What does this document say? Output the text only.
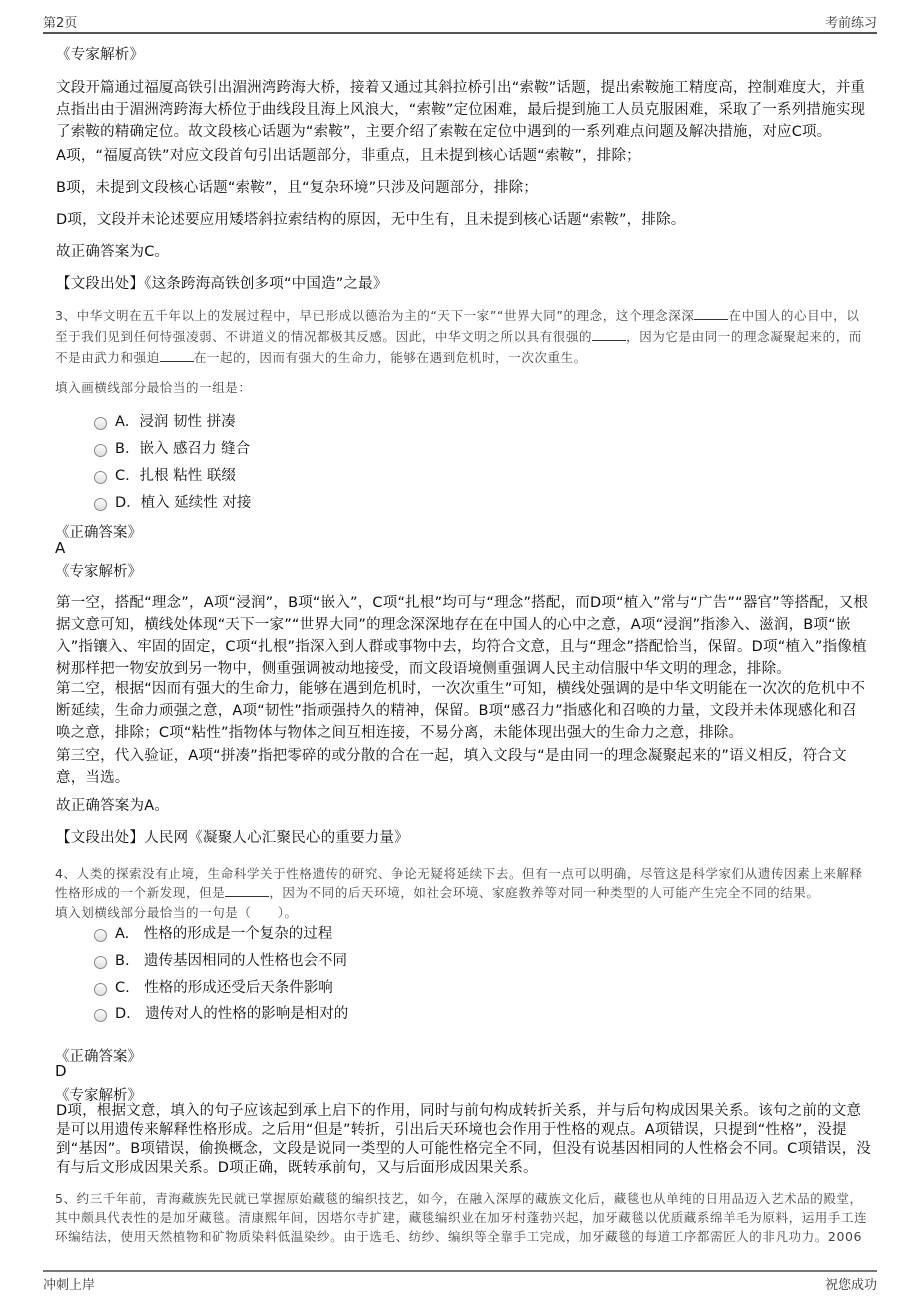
第2页	考前练习
《专家解析》
文段开篇通过福厦高铁引出湄洲湾跨海大桥，接着又通过其斜拉桥引出“索鞍”话题，提出索鞍施工精度高，控制难度大，并重点指出由于湄洲湾跨海大桥位于曲线段且海上风浪大，“索鞍”定位困难，最后提到施工人员克服困难，采取了一系列措施实现了索鞍的精确定位。故文段核心话题为“索鞍”，主要介绍了索鞍在定位中遇到的一系列难点问题及解决措施，对应C项。
A项，“福厦高铁”对应文段首句引出话题部分，非重点，且未提到核心话题“索鞍”，排除；
B项，未提到文段核心话题“索鞍”，且“复杂环境”只涉及问题部分，排除；
D项，文段并未论述要应用矮塔斜拉索结构的原因，无中生有，且未提到核心话题“索鞍”，排除。
故正确答案为C。
【文段出处】《这条跨海高铁创多项“中国造”之最》
3、中华文明在五千年以上的发展过程中，早已形成以德治为主的“天下一家”“世界大同”的理念，这个理念深深	在中国人的心目中，以至于我们见到任何恃强凌弱、不讲道义的情况都极其反感。因此，中华文明之所以具有很强的	，因为它是由同一的理念凝聚起来的，而不是由武力和强迫	在一起的，因而有强大的生命力，能够在遇到危机时，一次次重生。
填入画横线部分最恰当的一组是：
A．浸润 韧性 拼凑
B．嵌入 感召力 缝合
C．扎根 粘性 联缀
D．植入 延续性 对接
《正确答案》
A
《专家解析》
第一空，搭配“理念”，A项“浸润”，B项“嵌入”，C项“扎根”均可与“理念”搭配，而D项“植入”常与“广告”“器官”等搭配，又根据文意可知，横线处体现“天下一家”“世界大同”的理念深深地存在在中国人的心中之意，A项“浸润”指渗入、滋润，B项“嵌入”指镶入、牢固的固定，C项“扎根”指深入到人群或事物中去，均符合文意，且与“理念”搭配恰当，保留。D项“植入”指像植树那样把一物安放到另一物中，侧重强调被动地接受，而文段语境侧重强调人民主动信服中华文明的理念，排除。
第二空，根据“因而有强大的生命力，能够在遇到危机时，一次次重生”可知，横线处强调的是中华文明能在一次次的危机中不断延续，生命力顽强之意，A项“韧性”指顽强持久的精神，保留。B项“感召力”指感化和召唤的力量，文段并未体现感化和召唤之意，排除；C项“粘性”指物体与物体之间互相连接，不易分离，未能体现出强大的生命力之意，排除。
第三空，代入验证，A项“拼凑”指把零碎的或分散的合在一起，填入文段与“是由同一的理念凝聚起来的”语义相反，符合文意，当选。
故正确答案为A。
【文段出处】人民网《凝聚人心汇聚民心的重要力量》
4、人类的探索没有止境，生命科学关于性格遗传的研究、争论无疑将延续下去。但有一点可以明确，尽管这是科学家们从遗传因素上来解释性格形成的一个新发现，但是	，因为不同的后天环境，如社会环境、家庭教养等对同一种类型的人可能产生完全不同的结果。
填入划横线部分最恰当的一句是（　　）。
A.　性格的形成是一个复杂的过程
B.　遗传基因相同的人性格也会不同
C.　性格的形成还受后天条件影响
D.　遗传对人的性格的影响是相对的
《正确答案》
D
《专家解析》
D项，根据文意，填入的句子应该起到承上启下的作用，同时与前句构成转折关系，并与后句构成因果关系。该句之前的文意是可以用遗传来解释性格形成。之后用“但是”转折，引出后天环境也会作用于性格的观点。A项错误，只提到“性格”，没提到“基因”。B项错误，偷换概念，文段是说同一类型的人可能性格完全不同，但没有说基因相同的人性格会不同。C项错误，没有与后文形成因果关系。D项正确，既转承前句，又与后面形成因果关系。
5、约三千年前，青海藏族先民就已掌握原始藏毯的编织技艺，如今，在融入深厚的藏族文化后，藏毯也从单纯的日用品迈入艺术品的殿堂，其中颇具代表性的是加牙藏毯。清康熙年间，因塔尔寺扩建，藏毯编织业在加牙村蓬勃兴起，加牙藏毯以优质藏系绵羊毛为原料，运用手工连环编结法，使用天然植物和矿物质染料低温染纱。由于选毛、纺纱、编织等全靠手工完成，加牙藏毯的每道工序都需匠人的非凡功力。2006
冲刺上岸	祝您成功
